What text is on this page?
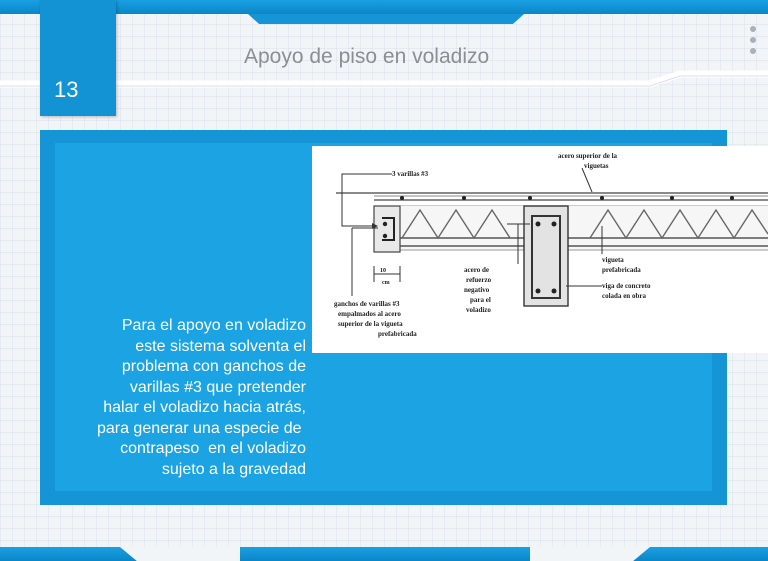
13
Apoyo de piso en voladizo
acero superior de la
viguetas
3 varillas #3
10
cm
ganchos de varillas #3
empalmados al acero
superior de la vigueta
prefabricada
acero de
refuerzo
negativo
para el
voladizo
vigueta
prefabricada
viga de concreto
colada en obra
Para el apoyo en voladizo
este sistema solventa el
problema con ganchos de
varillas #3 que pretender
halar el voladizo hacia atrás,
para generar una especie de
contrapeso  en el voladizo
sujeto a la gravedad
